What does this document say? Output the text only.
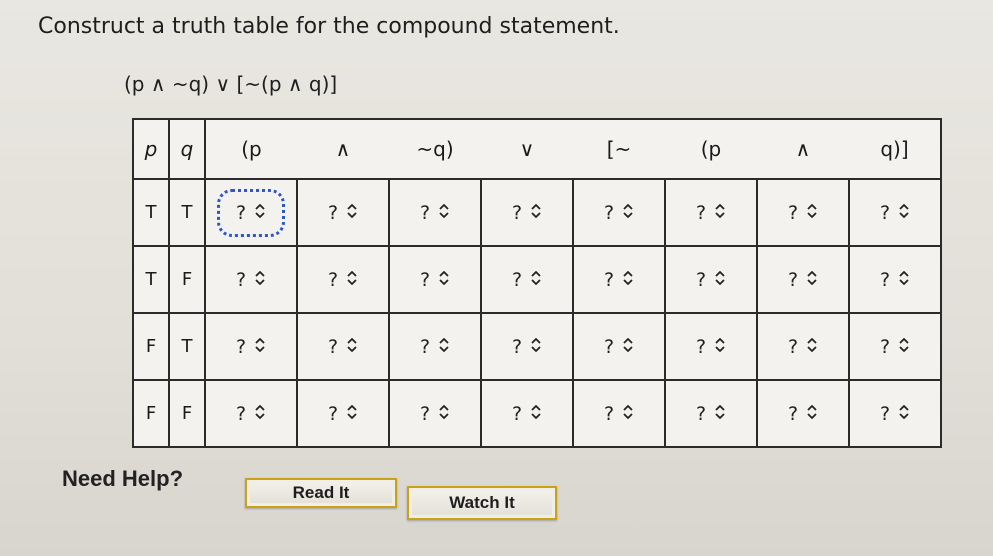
Construct a truth table for the compound statement.
(p ∧ ~q) ∨ [~(p ∧ q)]
p	q	(p	∧	~q)	∨	[~	(p	∧	q)]
T	T	?	?	?	?	?	?	?	?

T	F	?	?	?	?	?	?	?	?

F	T	?	?	?	?	?	?	?	?

F	F	?	?	?	?	?	?	?	?
Need Help?
Read It
Watch It
